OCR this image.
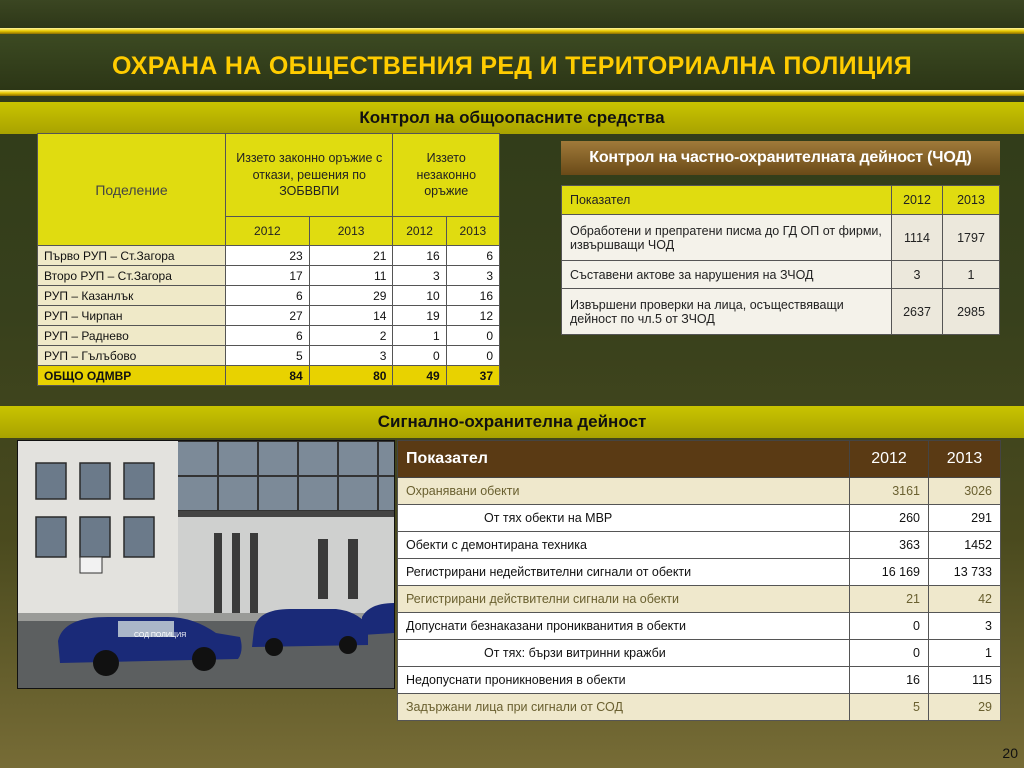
ОХРАНА НА ОБЩЕСТВЕНИЯ РЕД И ТЕРИТОРИАЛНА ПОЛИЦИЯ
Контрол на общоопасните средства
Поделение	Иззето законно оръжие с откази, решения по ЗОБВВПИ		Иззето незаконно оръжие	
	2012	2013	2012	2013
Първо РУП – Ст.Загора	23	21	16	6
Второ РУП – Ст.Загора	17	11	3	3
РУП – Казанлък	6	29	10	16
РУП – Чирпан	27	14	19	12
РУП – Раднево	6	2	1	0
РУП – Гълъбово	5	3	0	0
ОБЩО ОДМВР	84	80	49	37
Контрол на частно-охранителната дейност (ЧОД)
Показател	2012	2013
Обработени и препратени писма до ГД ОП от фирми, извършващи ЧОД	1114	1797
Съставени актове за нарушения на ЗЧОД	3	1
Извършени проверки на лица, осъществяващи дейност по чл.5 от ЗЧОД	2637	2985
Сигнално-охранителна дейност
СОД ПОЛИЦИЯ
Показател	2012	2013
Охранявани обекти	3161	3026
От тях обекти на МВР	260	291
Обекти с демонтирана техника	363	1452
Регистрирани недействителни сигнали от обекти	16 169	13 733
Регистрирани действителни сигнали на обекти	21	42
Допуснати безнаказани проникванития в обекти	0	3
От тях: бързи витринни кражби	0	1
Недопуснати проникновения в обекти	16	115
Задържани лица при сигнали от СОД	5	29
20
